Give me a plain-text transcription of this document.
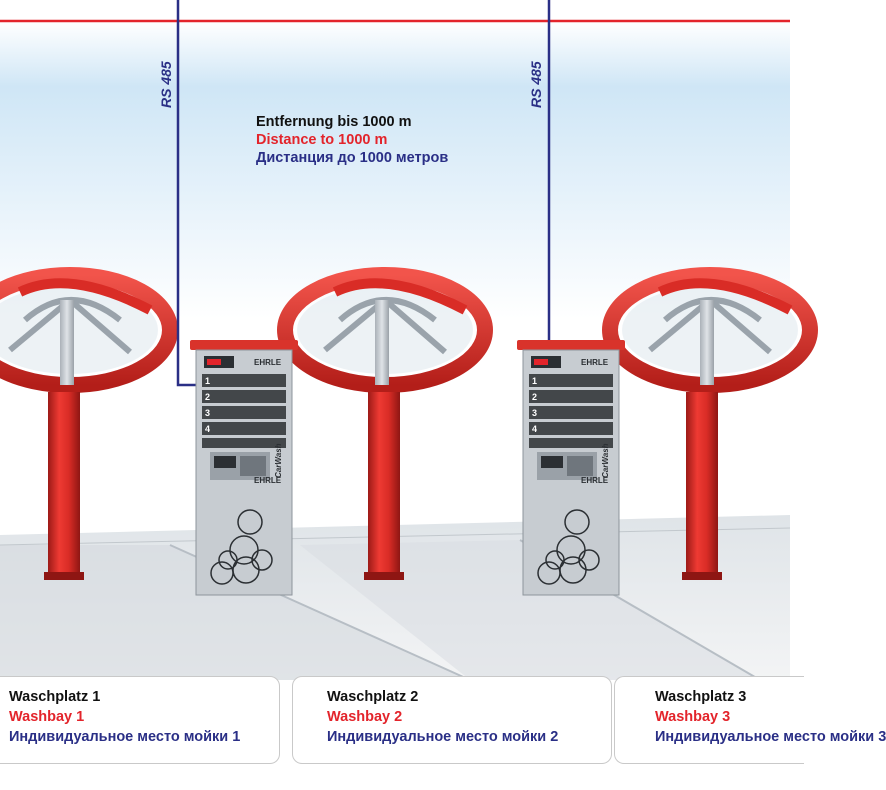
EHRLE
EHRLE
CarWash
1
2
3
4
EHRLE
EHRLE
CarWash
1
2
3
4
RS 485	RS 485
Entfernung bis 1000 m
Distance to 1000 m
Дистанция до 1000 метров
Waschplatz 1
Washbay 1
Индивидуальное место мойки 1
Waschplatz 2
Washbay 2
Индивидуальное место мойки 2
Waschplatz 3
Washbay 3
Индивидуальное место мойки 3
